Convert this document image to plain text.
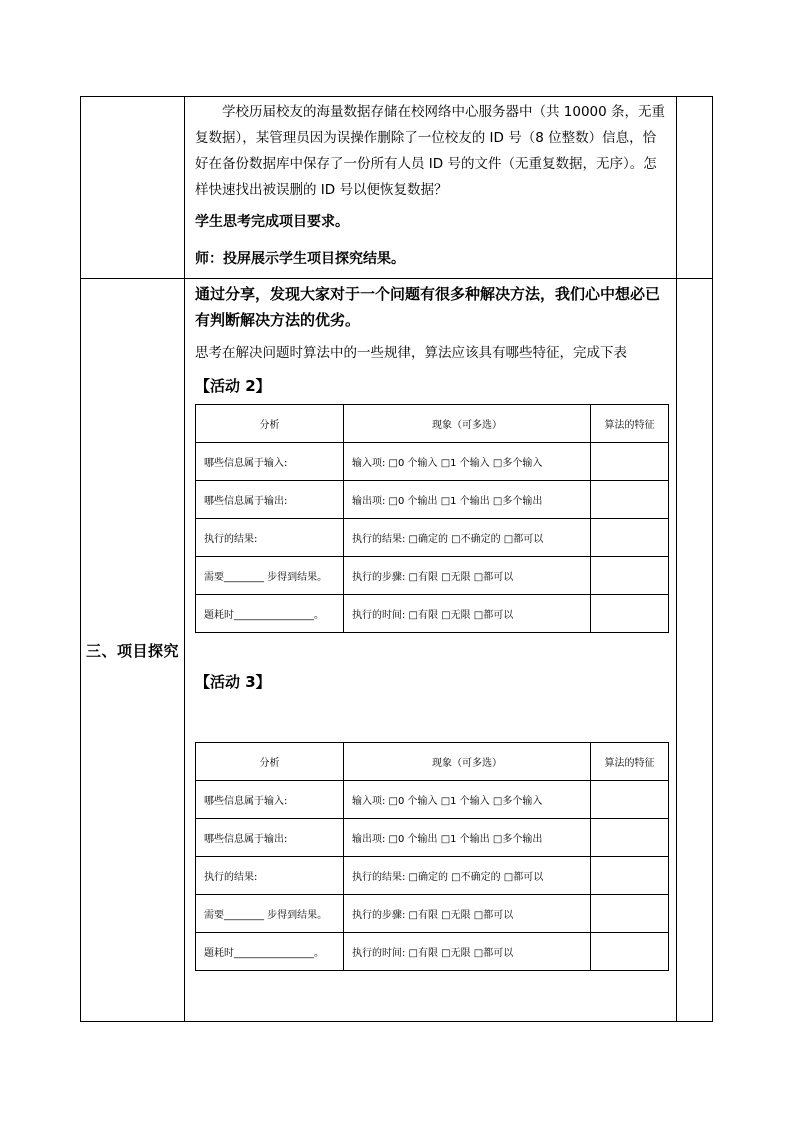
学校历届校友的海量数据存储在校网络中心服务器中（共 10000 条，无重复数据），某管理员因为误操作删除了一位校友的 ID 号（8 位整数）信息，恰好在备份数据库中保存了一份所有人员 ID 号的文件（无重复数据，无序）。怎样快速找出被误删的 ID 号以便恢复数据？

学生思考完成项目要求。

师：投屏展示学生项目探究结果。

三、项目探究	

通过分享，发现大家对于一个问题有很多种解决方法，我们心中想必已有判断解决方法的优劣。

思考在解决问题时算法中的一些规律，算法应该具有哪些特征，完成下表

【活动 2】

分析	现象（可多选）	算法的特征
哪些信息属于输入:	输入项: □0 个输入 □1 个输入 □多个输入	
哪些信息属于输出:	输出项: □0 个输出 □1 个输出 □多个输出	
执行的结果:	执行的结果: □确定的 □不确定的 □都可以	
需要________ 步得到结果。	执行的步骤: □有限 □无限 □都可以	
题耗时________________。	执行的时间: □有限 □无限 □都可以	

【活动 3】

分析	现象（可多选）	算法的特征
哪些信息属于输入:	输入项: □0 个输入 □1 个输入 □多个输入	
哪些信息属于输出:	输出项: □0 个输出 □1 个输出 □多个输出	
执行的结果:	执行的结果: □确定的 □不确定的 □都可以	
需要________ 步得到结果。	执行的步骤: □有限 □无限 □都可以	
题耗时________________。	执行的时间: □有限 □无限 □都可以	
